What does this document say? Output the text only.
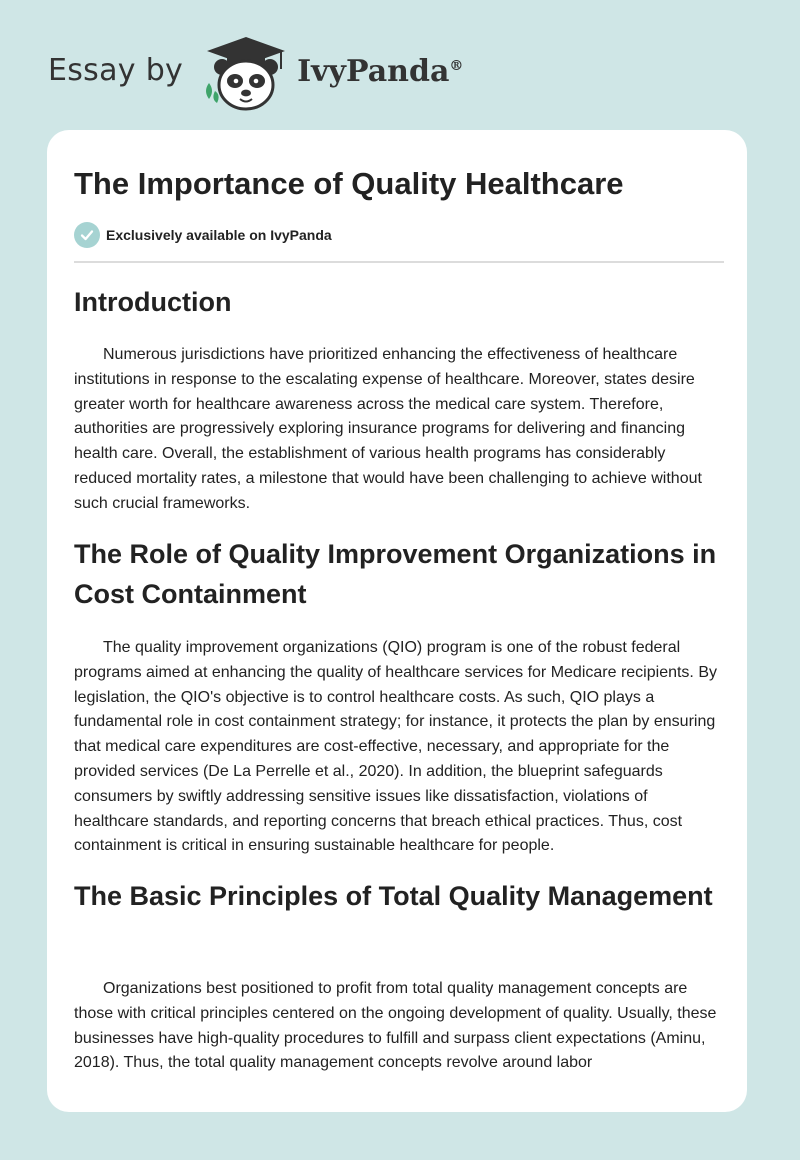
Essay by	IvyPanda®
The Importance of Quality Healthcare
Exclusively available on IvyPanda
Introduction

Numerous jurisdictions have prioritized enhancing the effectiveness of healthcare institutions in response to the escalating expense of healthcare. Moreover, states desire greater worth for healthcare awareness across the medical care system. Therefore, authorities are progressively exploring insurance programs for delivering and financing health care. Overall, the establishment of various health programs has considerably reduced mortality rates, a milestone that would have been challenging to achieve without such crucial frameworks.

The Role of Quality Improvement Organizations in Cost Containment

The quality improvement organizations (QIO) program is one of the robust federal programs aimed at enhancing the quality of healthcare services for Medicare recipients. By legislation, the QIO's objective is to control healthcare costs. As such, QIO plays a fundamental role in cost containment strategy; for instance, it protects the plan by ensuring that medical care expenditures are cost-effective, necessary, and appropriate for the provided services (De La Perrelle et al., 2020). In addition, the blueprint safeguards consumers by swiftly addressing sensitive issues like dissatisfaction, violations of healthcare standards, and reporting concerns that breach ethical practices. Thus, cost containment is critical in ensuring sustainable healthcare for people.

The Basic Principles of Total Quality Management

Organizations best positioned to profit from total quality management concepts are those with critical principles centered on the ongoing development of quality. Usually, these businesses have high-quality procedures to fulfill and surpass client expectations (Aminu, 2018). Thus, the total quality management concepts revolve around labor
